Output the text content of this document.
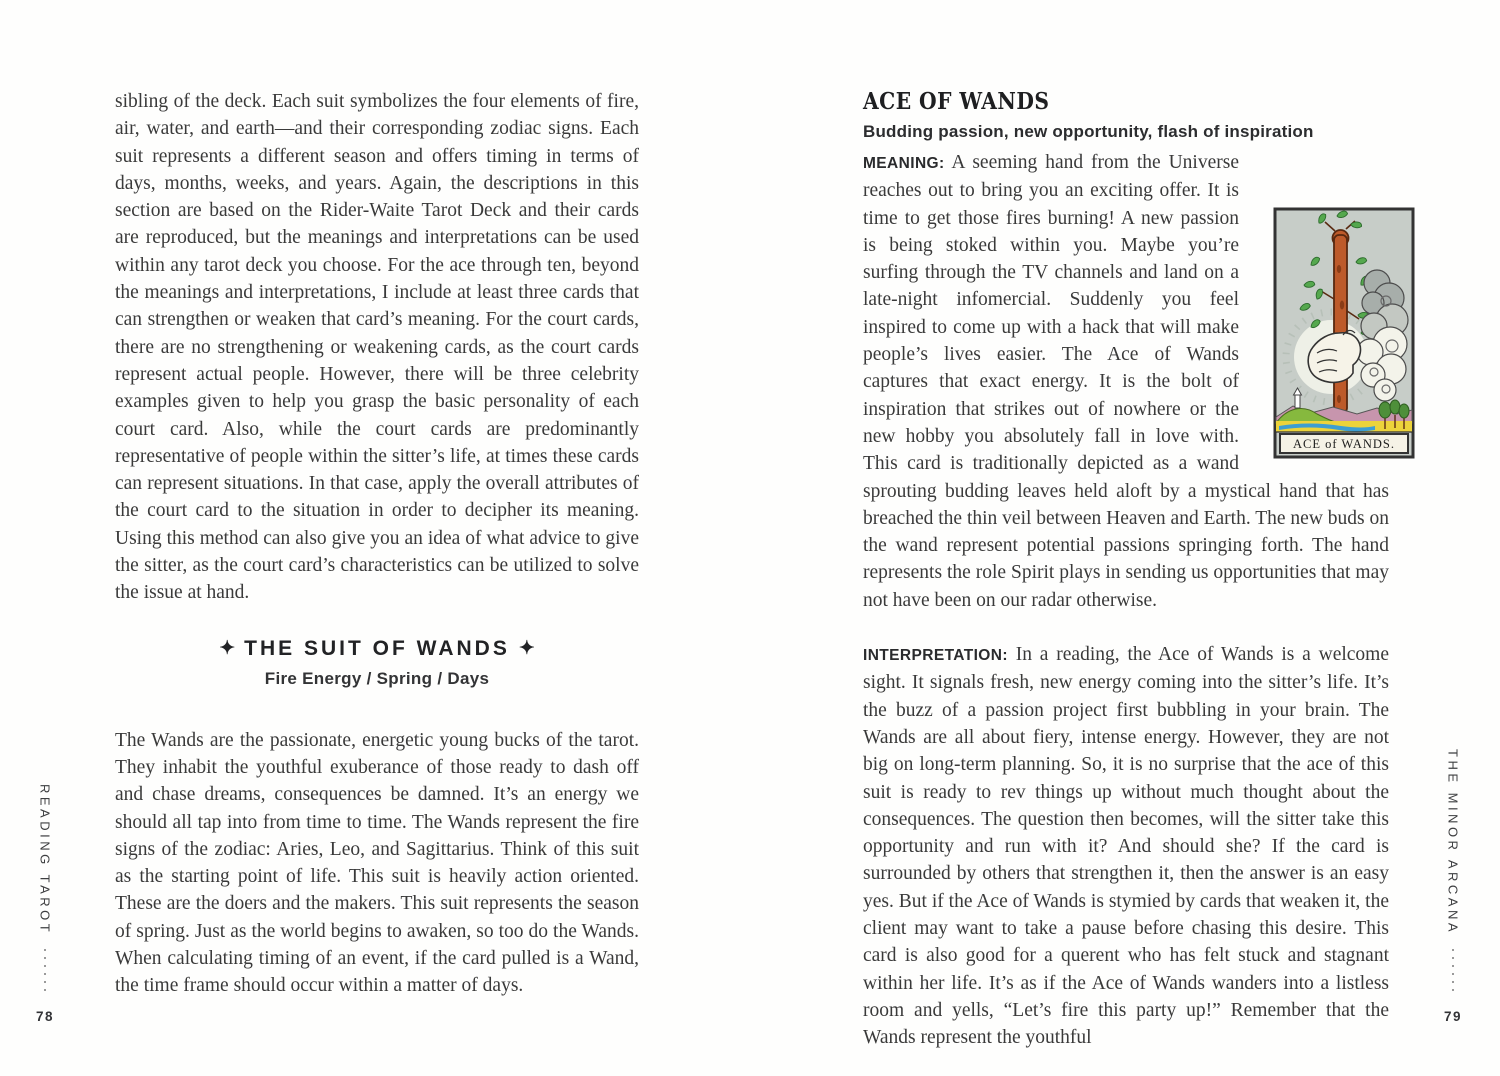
sibling of the deck. Each suit symbolizes the four elements of fire, air, water, and earth—and their corresponding zodiac signs. Each suit represents a different season and offers timing in terms of days, months, weeks, and years. Again, the descriptions in this section are based on the Rider-Waite Tarot Deck and their cards are reproduced, but the meanings and interpretations can be used within any tarot deck you choose. For the ace through ten, beyond the meanings and interpretations, I include at least three cards that can strengthen or weaken that card’s meaning. For the court cards, there are no strengthening or weakening cards, as the court cards represent actual people. However, there will be three celebrity examples given to help you grasp the basic personality of each court card. Also, while the court cards are predominantly representative of people within the sitter’s life, at times these cards can represent situations. In that case, apply the overall attributes of the court card to the situation in order to decipher its meaning. Using this method can also give you an idea of what advice to give the sitter, as the court card’s characteristics can be utilized to solve the issue at hand.

✦ THE SUIT OF WANDS ✦
Fire Energy / Spring / Days

The Wands are the passionate, energetic young bucks of the tarot. They inhabit the youthful exuberance of those ready to dash off and chase dreams, consequences be damned. It’s an energy we should all tap into from time to time. The Wands represent the fire signs of the zodiac: Aries, Leo, and Sagittarius. Think of this suit as the starting point of life. This suit is heavily action oriented. These are the doers and the makers. This suit represents the season of spring. Just as the world begins to awaken, so too do the Wands. When calculating timing of an event, if the card pulled is a Wand, the time frame should occur within a matter of days.

ACE OF WANDS
Budding passion, new opportunity, flash of inspiration

ACE of WANDS.
MEANING: A seeming hand from the Universe reaches out to bring you an exciting offer. It is time to get those fires burning! A new passion is being stoked within you. Maybe you’re surfing through the TV channels and land on a late-night infomercial. Suddenly you feel inspired to come up with a hack that will make people’s lives easier. The Ace of Wands captures that exact energy. It is the bolt of inspiration that strikes out of nowhere or the new hobby you absolutely fall in love with. This card is traditionally depicted as a wand sprouting budding leaves held aloft by a mystical hand that has breached the thin veil between Heaven and Earth. The new buds on the wand represent potential passions springing forth. The hand represents the role Spirit plays in sending us opportunities that may not have been on our radar otherwise.

INTERPRETATION: In a reading, the Ace of Wands is a welcome sight. It signals fresh, new energy coming into the sitter’s life. It’s the buzz of a passion project first bubbling in your brain. The Wands are all about fiery, intense energy. However, they are not big on long-term planning. So, it is no surprise that the ace of this suit is ready to rev things up without much thought about the consequences. The question then becomes, will the sitter take this opportunity and run with it? And should she? If the card is surrounded by others that strengthen it, then the answer is an easy yes. But if the Ace of Wands is stymied by cards that weaken it, the client may want to take a pause before chasing this desire. This card is also good for a querent who has felt stuck and stagnant within her life. It’s as if the Ace of Wands wanders into a listless room and yells, “Let’s fire this party up!” Remember that the Wands represent the youthful

READING TAROT
78
THE MINOR ARCANA
79
